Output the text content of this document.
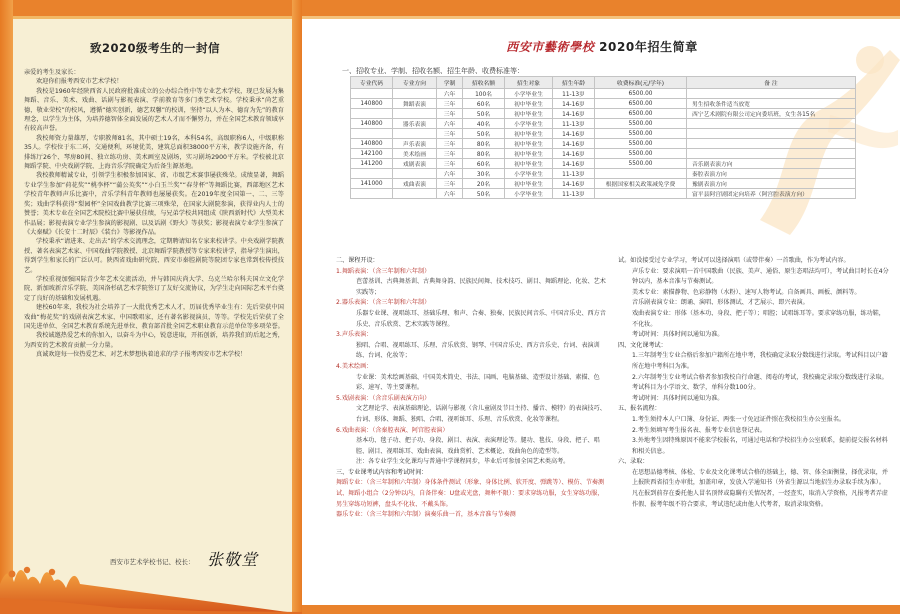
致2020级考生的一封信

亲爱的考生及家长：

欢迎你们报考西安市艺术学校！

我校是1960年经陕西省人民政府批准成立的公办综合性中等专业艺术学校，现已发展为集舞蹈、音乐、美术、戏曲、话剧与影视表演、学前教育等多门类艺术学校。学校秉承“尚艺重德，敬业荣校”的校风，遵循“德实创新，德艺双馨”的校训，坚持“以人为本、德育为先”的教育理念，以学生为主体，为培养德智体全面发展的艺术人才而不懈努力，并在全国艺术教育领域享有较高声誉。

我校师资力量雄厚，专职教师81名，其中硕士19名，本科54名，高级职称6人，中级职称35人。学校位于东二环，交通便利，环境优美，建筑总面积38000平方米，教学设施齐备，有排练厅26个、琴房80间、独立练功房、美术画室及剧场，实习剧场2900平方米。学校被北京舞蹈学院、中央戏剧学院、上海音乐学院确定为后备生源基地。

我校教师精诚专业，引领学生积极参加国家、省、市级艺术赛事屡获殊荣。成绩显著，舞蹈专业学生参加“荷花奖”“桃李杯”“蒲公英奖”“小白玉兰奖”“春芽杯”等舞蹈比赛，西部地区艺术学校青年教师声乐比赛中，音乐学科青年教师也屡屡获奖。在2019年度全国第一、二、三等奖；戏曲学科获得“梨园杯”全国戏曲教学比赛三项殊荣，在国家大剧院参演，获得业内人士的赞誉；美术专业在全国艺术院校比赛中屡获佳绩，与兄弟学校共同组成《陕西新时代》大型美术作品展；影视表演专业学生参演的影视剧、以及话剧《野火》等获奖；影视表演专业学生参演了《大秦赋》《长安十二时辰》《装台》等影视作品。

学校秉承“请进来、走出去”的学术交流理念，定期聘请知名专家来校讲学。中央戏剧学院教授、著名表演艺术家、中国戏曲学院教授、北京舞蹈学院教授等专家来校讲学，指导学生演出，得到学生和家长的广泛认可。陕西省戏曲研究院、西安市秦腔剧院等院团专家也常到校传授技艺。

学校重视加强国际青少年艺术交流活动，并与韩国庆尚大学、乌克兰哈尔科夫国立文化学院、新加坡新音乐学院、美国洛杉矶艺术学院签订了友好交流协议，为学生走向国际艺术平台奠定了良好的基础和发展机遇。

建校60年来，我校为社会培养了一大批优秀艺术人才，历届优秀毕业生有：先后荣获中国戏曲“梅花奖”的戏剧表演艺术家、中国歌唱家，还有著名影视演员，等等。学校先后荣获了全国先进单位、全国艺术教育系统先进单位、教育部首批全国艺术职业教育示范单位等多项荣誉。

我校诚邀热爱艺术的你加入，以奋斗为中心，锐意进取，开拓创新，培养我们的后起之秀，为西安的艺术教育贡献一分力量。

真诚欢迎每一位热爱艺术、对艺术梦想执着追求的学子报考西安市艺术学校！

西安市艺术学校书记、校长： 张敬堂
西安市藝術學校 2020年招生简章
一、招收专业、学制、招收名额、招生年龄、收费标准等：
专业代码	专业方向	学制	招收名额	招生对象	招生年龄	收费标准(元/学年)	备 注
		六年	100名	小学毕业生	11-13岁	6500.00	
140800	舞蹈表演	三年	60名	初中毕业生	14-16岁	6500.00	男生招收条件适当放宽
		三年	50名	初中毕业生	14-16岁	6500.00	西宁艺术剧院有限公司定向委培班，女生各15名
140800	器乐表演	六年	40名	小学毕业生	11-13岁	5500.00	
		三年	50名	初中毕业生	14-16岁	5500.00	
140800	声乐表演	三年	80名	初中毕业生	14-16岁	5500.00	
142100	美术绘画	三年	80名	初中毕业生	14-16岁	5500.00	
141200	戏剧表演	三年	60名	初中毕业生	14-16岁	5500.00	音乐剧表演方向
		六年	30名	小学毕业生	11-13岁		秦腔表演方向
141000	戏曲表演	三年	20名	初中毕业生	14-16岁	根据国家相关政策减免学费	豫剧表演方向
		六年	50名	小学毕业生	11-13岁		富平县阿宫剧团定向培养（阿宫腔表演方向）
二、课程开设：
1.舞蹈表演：（含三年制和六年制）
芭蕾基训、古典舞基训、古典舞身韵、民族民间舞、技术技巧、剧目、舞蹈理论、化妆、艺术实践等；
2.器乐表演：（含三年制和六年制）
乐器专业课、视唱练耳、基础乐理、和声、合奏、独奏、民族民间音乐、中国音乐史、西方音乐史、音乐欣赏、艺术实践等课程。
3.声乐表演：
独唱、合唱、视唱练耳、乐理、音乐欣赏、钢琴、中国音乐史、西方音乐史、台词、表演训练、台词、化妆等；
4.美术绘画：
专业课：美术绘画基础、中国美术简史、书法、国画、电脑基础、造型设计基础、素描、色彩、速写、等主要课程。
5.戏剧表演：（含音乐剧表演方向）
文艺理论学、表演基础理论、话剧与影视（含儿童剧及节目主持、播音、模特）的表演技巧、台词、形体、舞蹈、独唱、合唱、视听练耳、乐理、音乐欣赏、化妆等课程。
6.戏曲表演：（含秦腔表演、阿宫腔表演）
基本功、毯子功、把子功、身段、剧目、表演、表演理论等。腿功、毯技、身段、把子、唱腔、剧目、视唱练耳、戏曲表演、戏曲赏析、艺术概论、戏曲角色的造型等。
注：各专业学生文化课均与普通中学课程同步，毕业后可参加全国艺术类高考。
三、专业课考试内容和考试时间：
舞蹈专业：（含三年制和六年制）身体条件测试（形象、身体比例、软开度、弹跳等）、模仿、节奏测试、舞蹈小组合（2分钟以内，自备伴奏：U盘或光盘，舞种不限）：要求穿练功服，女生穿练功服，男生穿练功短裤，盘头不化妆、不戴头饰。
器乐专业：（含三年制和六年制）演奏乐曲一首，基本音准与节奏测
试。如没接受过专业学习，考试可以选择演唱（或带伴奏）一首歌曲，作为考试内容。
声乐专业：要求演唱一首中国歌曲（民族、美声、通俗、原生态唱法均可），考试曲目时长在4分钟以内，基本音准与节奏测试。
美术专业：素描静物、色彩静物（水粉）、速写人物考试。自备画具、画板、颜料等。
音乐剧表演专业：朗诵、演唱、形体测试、才艺展示、即兴表演。
戏曲表演专业：形体（基本功、身段、把子等）；唱腔；试唱练耳等。要求穿练功服，练功鞋，不化妆。
考试时间：具体时间以通知为准。
四、文化课考试：
1.三年制考生专业合格后参加户籍所在地中考，我校确定录取分数线进行录取。考试科目以户籍所在地中考科目为准。
2.六年制考生专业考试合格者参加我校自行命题、阅卷的考试，我校确定录取分数线进行录取。考试科目为小学语文、数学，单科分数100分。
考试时间：具体时间以通知为准。
五、报名流程：
1.考生须持本人户口簿、身份证、两张一寸免冠证件照在我校招生办公室报名。
2.考生须填写考生报名表、报考专业信息登记表。
3.外地考生因特殊原因不能来学校报名，可通过电话和学校招生办公室联系，提前提交报名材料和相关信息。
六、录取：
在思想品德考核、体检、专业及文化课考试合格的基础上，德、智、体全面衡量，择优录取，并上报陕西省招生办审批，加盖印章，发放入学通知书（外省生源以当地招生办录取手续为准）。凡在报到前存在委托他人冒名顶替或隐瞒有关情况者，一经查实，取消入学资格，凡报考者弄虚作假、报考年级不符合要求，考试违纪或由他人代考者，取消录取资格。
